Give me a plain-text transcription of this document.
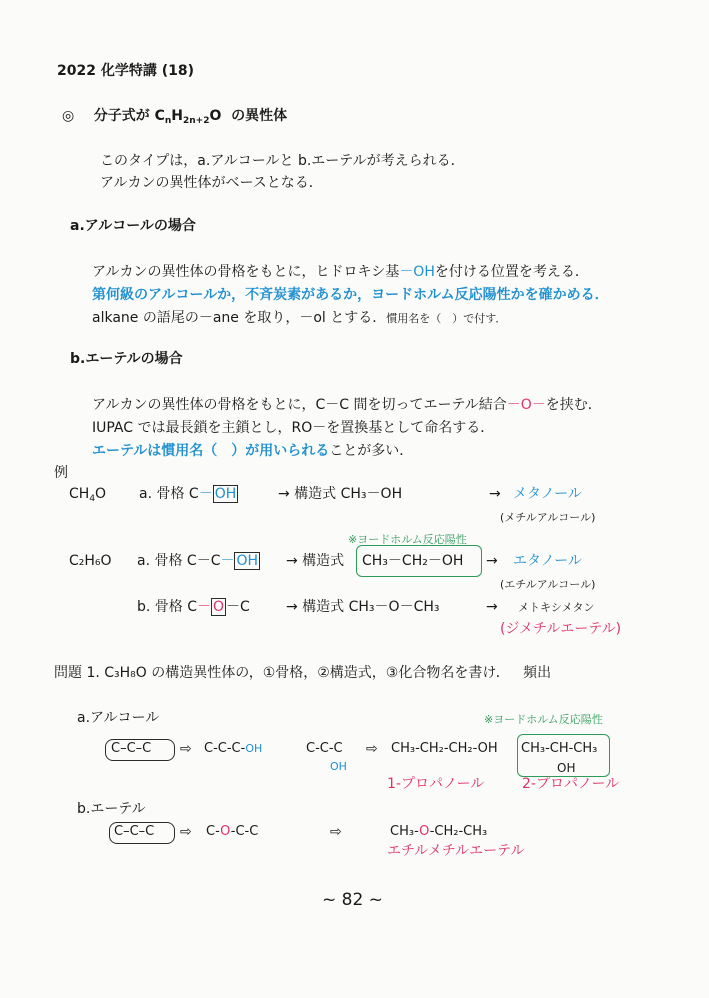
2022 化学特講 (18)
◎ 分子式が $C_nH_{2n+2}O$ の異性体
このタイプは，a.アルコールと b.エーテルが考えられる．
アルカンの異性体がベースとなる．
a.アルコールの場合
アルカンの異性体の骨格をもとに，ヒドロキシ基－OHを付ける位置を考える．
第何級のアルコールか，不斉炭素があるか，ヨードホルム反応陽性かを確かめる．
alkane の語尾の－ane を取り，－ol とする．慣用名を（　）で付す．
b.エーテルの場合
アルカンの異性体の骨格をもとに，C－C 間を切ってエーテル結合－O－を挟む．
IUPAC では最長鎖を主鎖とし，RO－を置換基として命名する．
エーテルは慣用名（　）が用いられることが多い．
例
$CH_4O$ a. 骨格 C－ OH	→ 構造式 CH₃－OH	→ メタノール
(メチルアルコール)
※ヨードホルム反応陽性
C₂H₆O a. 骨格 C－C－ OH → 構造式 CH₃－CH₂－OH → エタノール
(エチルアルコール)
b. 骨格 C－ O －C	→ 構造式 CH₃－O－CH₃	→ メトキシメタン
(ジメチルエーテル)
問題 1. C₃H₈O の構造異性体の，①骨格，②構造式，③化合物名を書け． 頻出
a.アルコール	※ヨードホルム反応陽性
C–C–C ⇨ C-C-C-OH	C-C-C
OH
⇨ CH₃-CH₂-CH₂-OH CH₃-CH-CH₃
OH
1-プロパノール	2-プロパノール
b.エーテル
C–C–C ⇨ C-O-C-C	⇨	CH₃-O-CH₂-CH₃
エチルメチルエーテル
~ 82 ~
